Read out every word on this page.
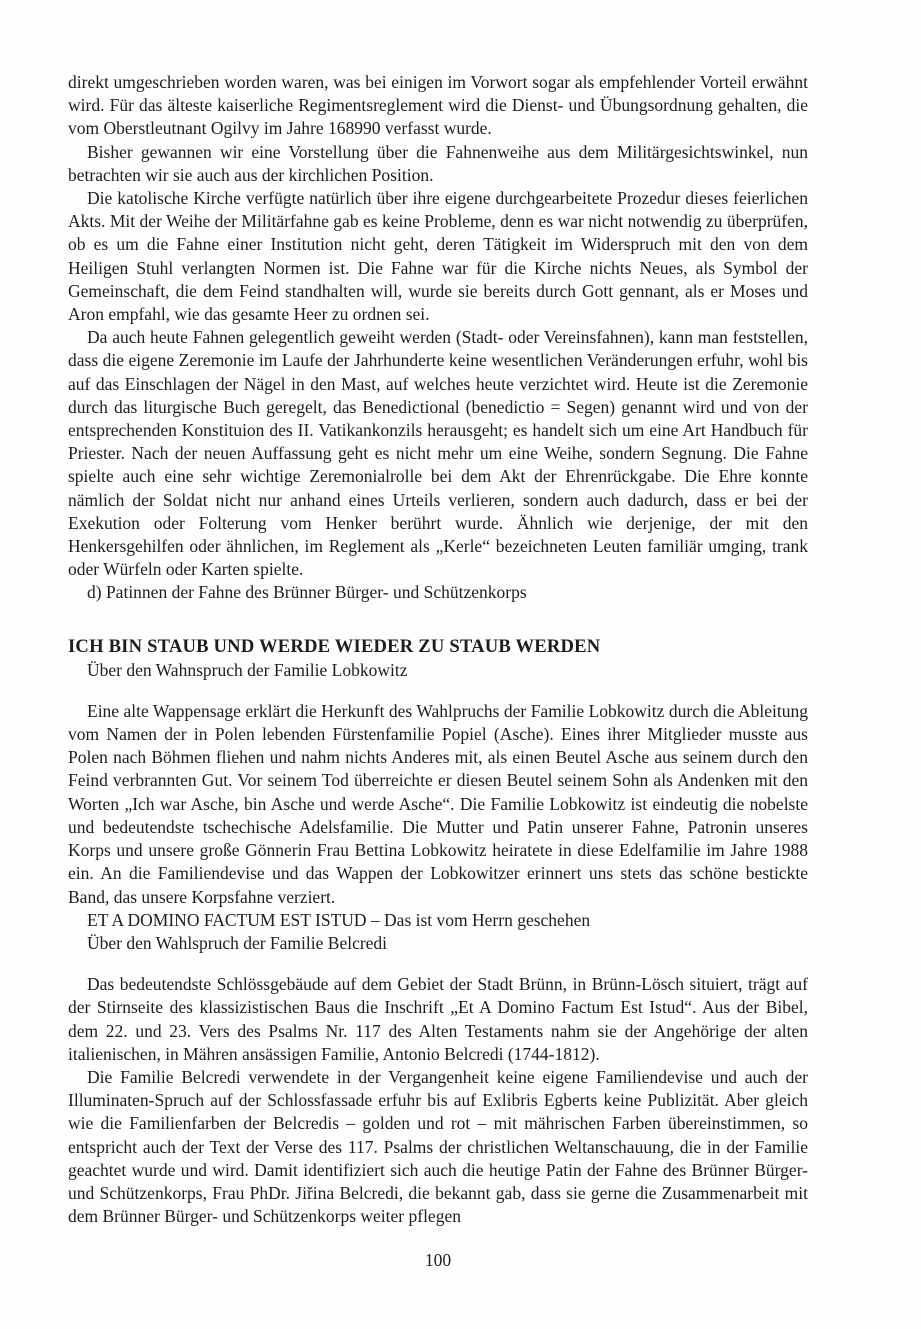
direkt umgeschrieben worden waren, was bei einigen im Vorwort sogar als empfehlender Vorteil erwähnt wird. Für das älteste kaiserliche Regimentsreglement wird die Dienst- und Übungsordnung gehalten, die vom Oberstleutnant Ogilvy im Jahre 168990 verfasst wurde.

Bisher gewannen wir eine Vorstellung über die Fahnenweihe aus dem Militärgesichtswinkel, nun betrachten wir sie auch aus der kirchlichen Position.

Die katolische Kirche verfügte natürlich über ihre eigene durchgearbeitete Prozedur dieses feierlichen Akts. Mit der Weihe der Militärfahne gab es keine Probleme, denn es war nicht notwendig zu überprüfen, ob es um die Fahne einer Institution nicht geht, deren Tätigkeit im Widerspruch mit den von dem Heiligen Stuhl verlangten Normen ist. Die Fahne war für die Kirche nichts Neues, als Symbol der Gemeinschaft, die dem Feind standhalten will, wurde sie bereits durch Gott gennant, als er Moses und Aron empfahl, wie das gesamte Heer zu ordnen sei.

Da auch heute Fahnen gelegentlich geweiht werden (Stadt- oder Vereinsfahnen), kann man feststellen, dass die eigene Zeremonie im Laufe der Jahrhunderte keine wesentlichen Veränderungen erfuhr, wohl bis auf das Einschlagen der Nägel in den Mast, auf welches heute verzichtet wird. Heute ist die Zeremonie durch das liturgische Buch geregelt, das Benedictional (benedictio = Segen) genannt wird und von der entsprechenden Konstituion des II. Vatikankonzils herausgeht; es handelt sich um eine Art Handbuch für Priester. Nach der neuen Auffassung geht es nicht mehr um eine Weihe, sondern Segnung. Die Fahne spielte auch eine sehr wichtige Zeremonialrolle bei dem Akt der Ehrenrückgabe. Die Ehre konnte nämlich der Soldat nicht nur anhand eines Urteils verlieren, sondern auch dadurch, dass er bei der Exekution oder Folterung vom Henker berührt wurde. Ähnlich wie derjenige, der mit den Henkersgehilfen oder ähnlichen, im Reglement als „Kerle“ bezeichneten Leuten familiär umging, trank oder Würfeln oder Karten spielte.

d) Patinnen der Fahne des Brünner Bürger- und Schützenkorps

ICH BIN STAUB UND WERDE WIEDER ZU STAUB WERDEN

Über den Wahnspruch der Familie Lobkowitz

Eine alte Wappensage erklärt die Herkunft des Wahlpruchs der Familie Lobkowitz durch die Ableitung vom Namen der in Polen lebenden Fürstenfamilie Popiel (Asche). Eines ihrer Mitglieder musste aus Polen nach Böhmen fliehen und nahm nichts Anderes mit, als einen Beutel Asche aus seinem durch den Feind verbrannten Gut. Vor seinem Tod überreichte er diesen Beutel seinem Sohn als Andenken mit den Worten „Ich war Asche, bin Asche und werde Asche“. Die Familie Lobkowitz ist eindeutig die nobelste und bedeutendste tschechische Adelsfamilie. Die Mutter und Patin unserer Fahne, Patronin unseres Korps und unsere große Gönnerin Frau Bettina Lobkowitz heiratete in diese Edelfamilie im Jahre 1988 ein. An die Familiendevise und das Wappen der Lobkowitzer erinnert uns stets das schöne bestickte Band, das unsere Korpsfahne verziert.

ET A DOMINO FACTUM EST ISTUD – Das ist vom Herrn geschehen

Über den Wahlspruch der Familie Belcredi

Das bedeutendste Schlössgebäude auf dem Gebiet der Stadt Brünn, in Brünn-Lösch situiert, trägt auf der Stirnseite des klassizistischen Baus die Inschrift „Et A Domino Factum Est Istud“. Aus der Bibel, dem 22. und 23. Vers des Psalms Nr. 117 des Alten Testaments nahm sie der Angehörige der alten italienischen, in Mähren ansässigen Familie, Antonio Belcredi (1744-1812).

Die Familie Belcredi verwendete in der Vergangenheit keine eigene Familiendevise und auch der Illuminaten-Spruch auf der Schlossfassade erfuhr bis auf Exlibris Egberts keine Publizität. Aber gleich wie die Familienfarben der Belcredis – golden und rot – mit mährischen Farben übereinstimmen, so entspricht auch der Text der Verse des 117. Psalms der christlichen Weltanschauung, die in der Familie geachtet wurde und wird. Damit identifiziert sich auch die heutige Patin der Fahne des Brünner Bürger- und Schützenkorps, Frau PhDr. Jiřina Belcredi, die bekannt gab, dass sie gerne die Zusammenarbeit mit dem Brünner Bürger- und Schützenkorps weiter pflegen

100
